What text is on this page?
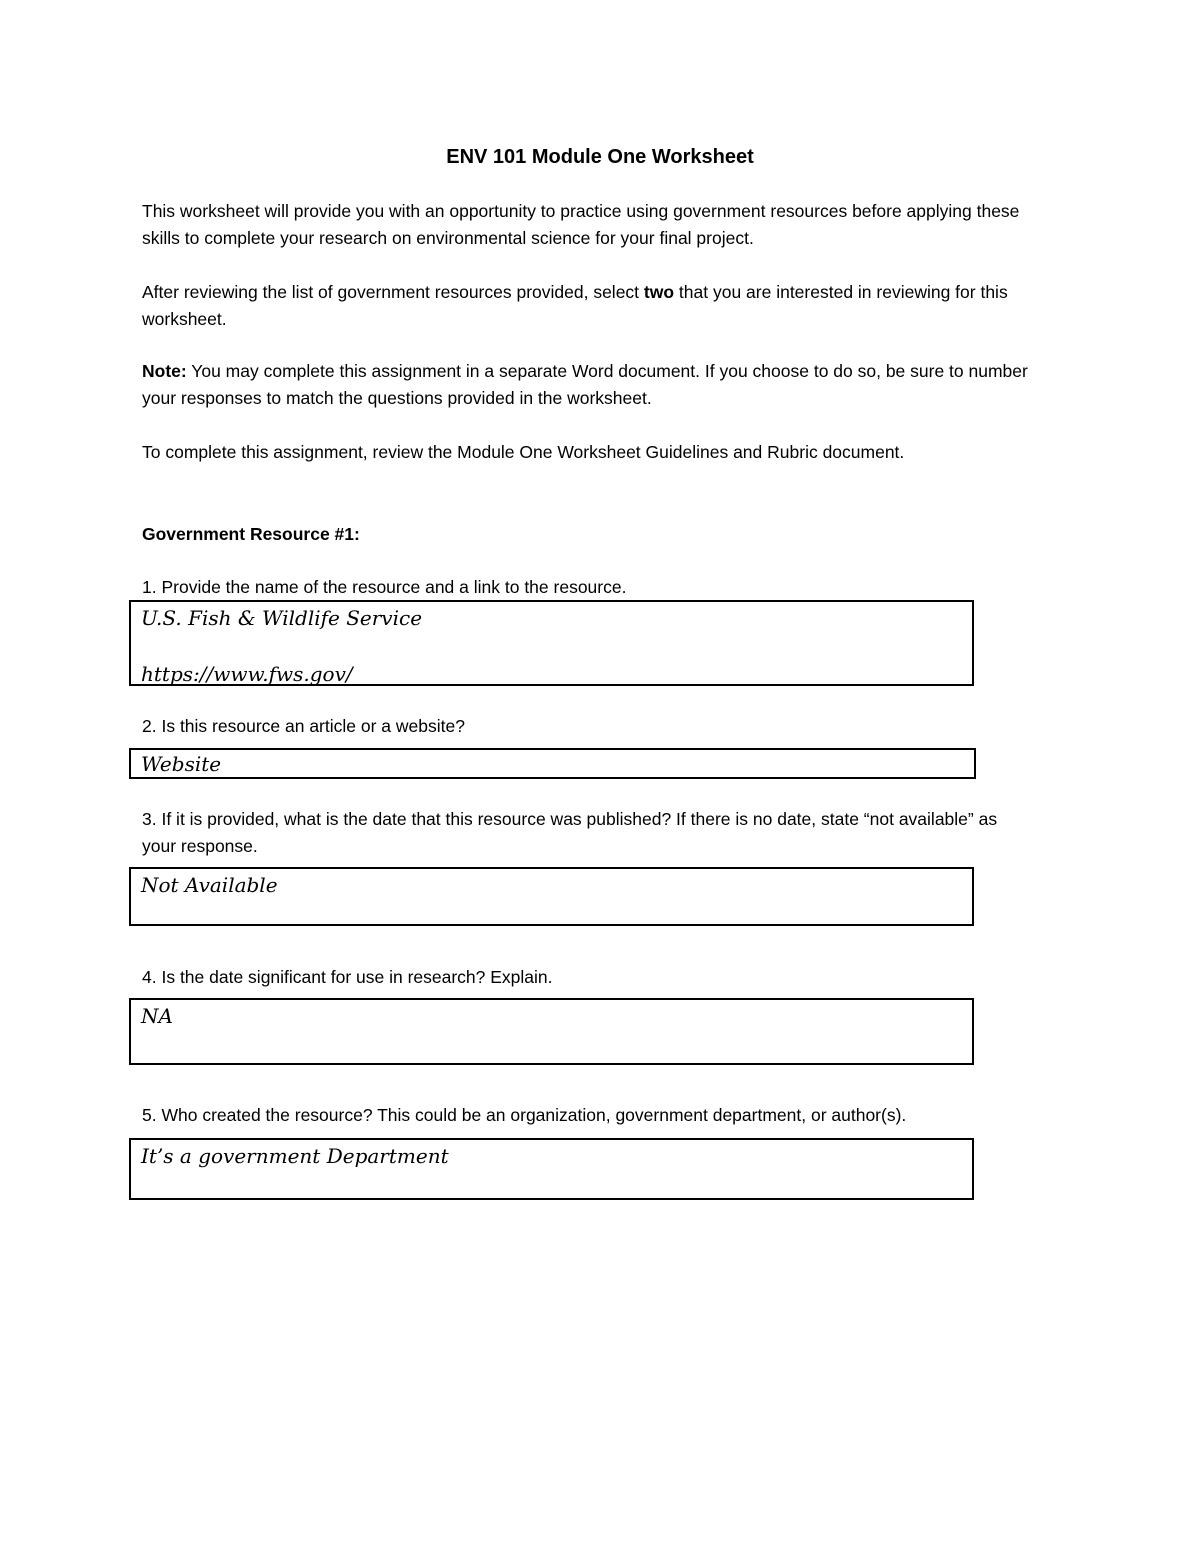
ENV 101 Module One Worksheet
This worksheet will provide you with an opportunity to practice using government resources before applying these skills to complete your research on environmental science for your final project.
After reviewing the list of government resources provided, select two that you are interested in reviewing for this worksheet.
Note: You may complete this assignment in a separate Word document. If you choose to do so, be sure to number your responses to match the questions provided in the worksheet.
To complete this assignment, review the Module One Worksheet Guidelines and Rubric document.
Government Resource #1:
1. Provide the name of the resource and a link to the resource.
U.S. Fish & Wildlife Service
https://www.fws.gov/
2. Is this resource an article or a website?
Website
3. If it is provided, what is the date that this resource was published? If there is no date, state “not available” as your response.
Not Available
4. Is the date significant for use in research? Explain.
NA
5. Who created the resource? This could be an organization, government department, or author(s).
It’s a government Department
